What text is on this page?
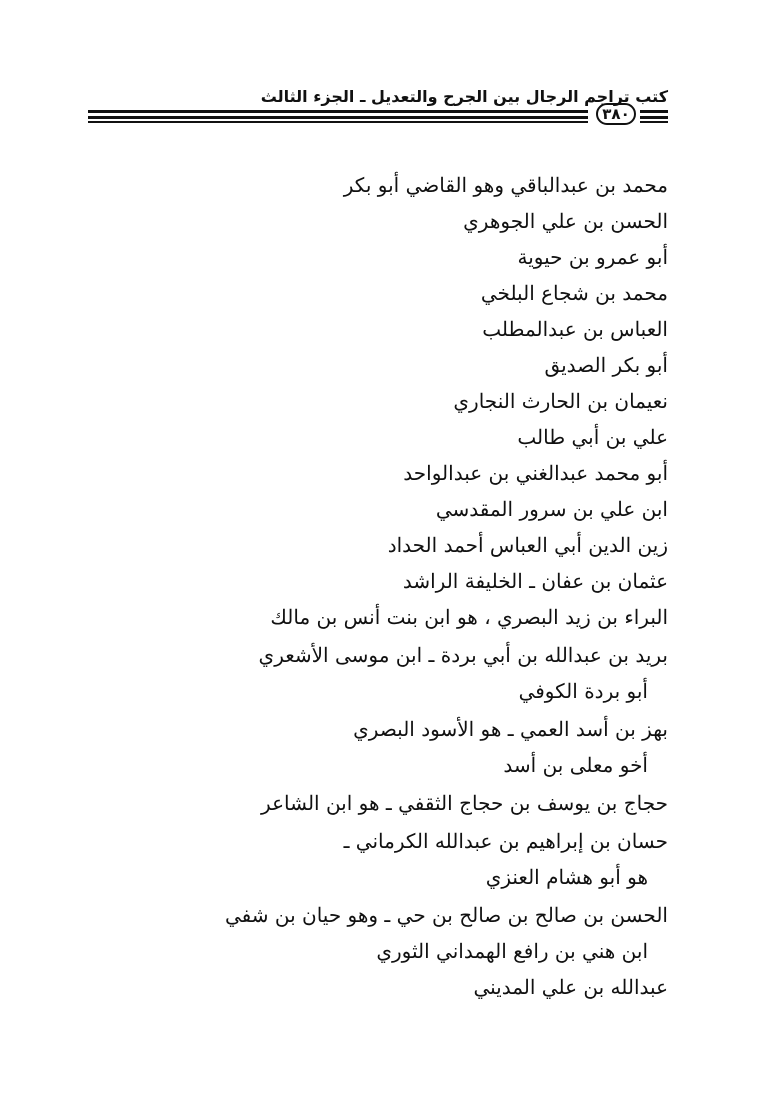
كتب تراجم الرجال بين الجرح والتعديل ـ الجزء الثالث
٣٨٠
محمد بن عبدالباقي وهو القاضي أبو بكر
الحسن بن علي الجوهري
أبو عمرو بن حيوية
محمد بن شجاع البلخي
العباس بن عبدالمطلب
أبو بكر الصديق
نعيمان بن الحارث النجاري
علي بن أبي طالب
أبو محمد عبدالغني بن عبدالواحد
ابن علي بن سرور المقدسي
زين الدين أبي العباس أحمد الحداد
عثمان بن عفان ـ الخليفة الراشد
البراء بن زيد البصري ، هو ابن بنت أنس بن مالك
بريد بن عبدالله بن أبي بردة ـ ابن موسى الأشعري
أبو بردة الكوفي
بهز بن أسد العمي ـ هو الأسود البصري
أخو معلى بن أسد
حجاج بن يوسف بن حجاج الثقفي ـ هو ابن الشاعر
حسان بن إبراهيم بن عبدالله الكرماني ـ
هو أبو هشام العنزي
الحسن بن صالح بن صالح بن حي ـ وهو حيان بن شفي
ابن هني بن رافع الهمداني الثوري
عبدالله بن علي المديني
